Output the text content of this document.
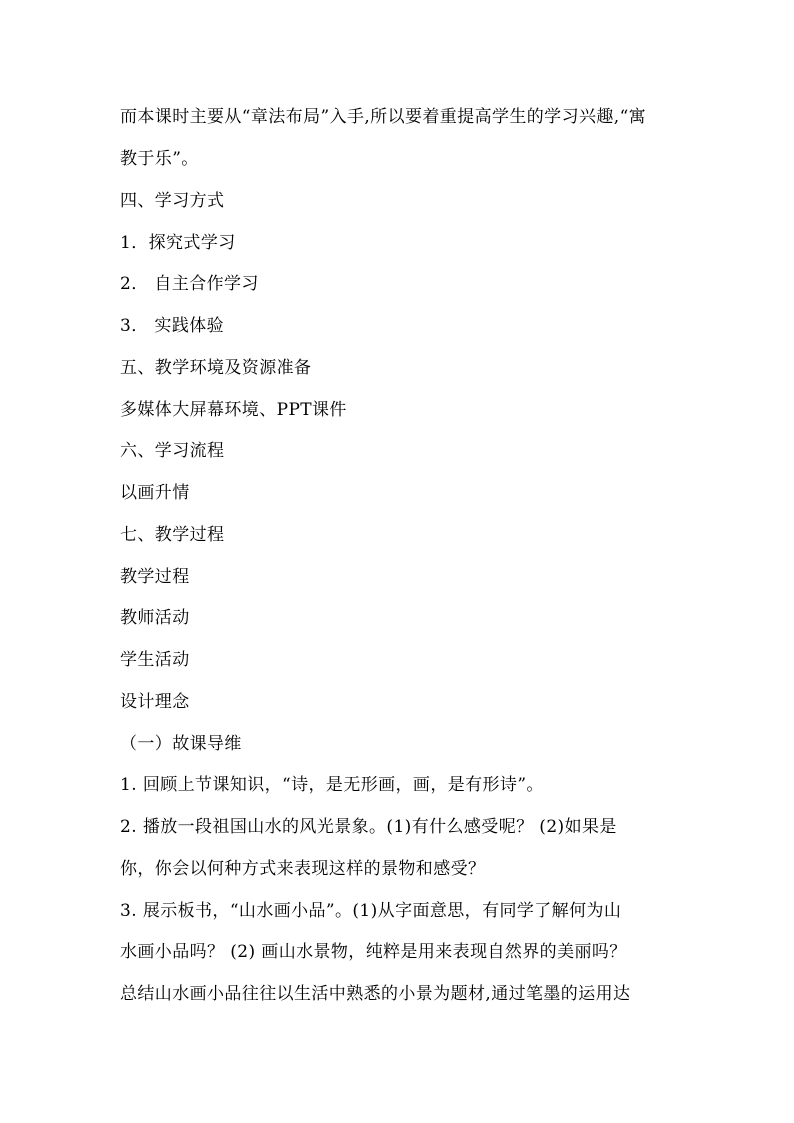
而本课时主要从“章法布局”入手,所以要着重提高学生的学习兴趣,“寓
教于乐”。
四、学习方式
1．探究式学习
2． 自主合作学习
3． 实践体验
五、教学环境及资源准备
多媒体大屏幕环境、PPT课件
六、学习流程
以画升情
七、教学过程
教学过程
教师活动
学生活动
设计理念
（一）故课导维
1. 回顾上节课知识，“诗，是无形画，画，是有形诗”。
2. 播放一段祖国山水的风光景象。(1)有什么感受呢？ (2)如果是
你，你会以何种方式来表现这样的景物和感受？
3. 展示板书，“山水画小品”。(1)从字面意思，有同学了解何为山
水画小品吗？ (2) 画山水景物，纯粹是用来表现自然界的美丽吗？
总结山水画小品往往以生活中熟悉的小景为题材,通过笔墨的运用达
